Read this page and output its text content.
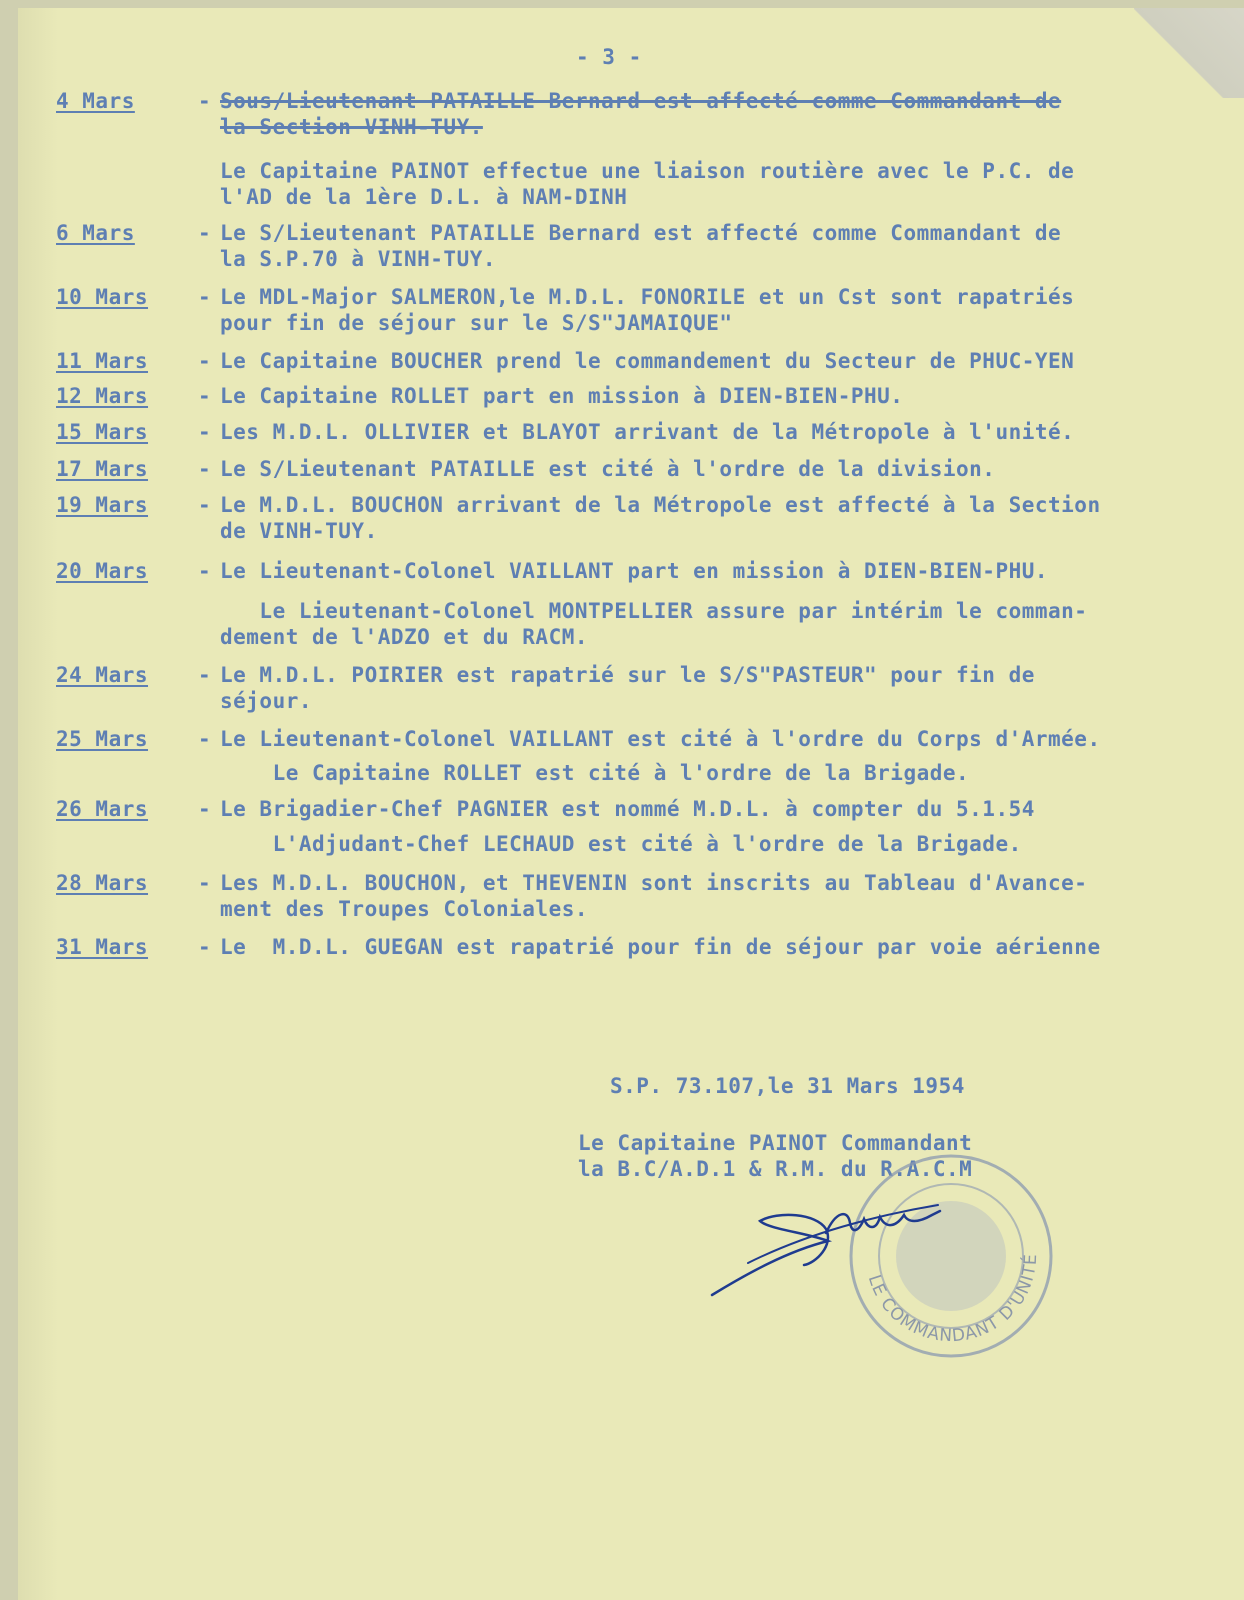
- 3 -
4 Mars	- Sous/Lieutenant PATAILLE Bernard est affecté comme Commandant de
la Section VINH-TUY.
Le Capitaine PAINOT effectue une liaison routière avec le P.C. de
l'AD de la 1ère D.L. à NAM-DINH
6 Mars	- Le S/Lieutenant PATAILLE Bernard est affecté comme Commandant de
la S.P.70 à VINH-TUY.
10 Mars - Le MDL-Major SALMERON,le M.D.L. FONORILE et un Cst sont rapatriés
pour fin de séjour sur le S/S"JAMAIQUE"
11 Mars - Le Capitaine BOUCHER prend le commandement du Secteur de PHUC-YEN
12 Mars - Le Capitaine ROLLET part en mission à DIEN-BIEN-PHU.
15 Mars - Les M.D.L. OLLIVIER et BLAYOT arrivant de la Métropole à l'unité.
17 Mars - Le S/Lieutenant PATAILLE est cité à l'ordre de la division.
19 Mars - Le M.D.L. BOUCHON arrivant de la Métropole est affecté à la Section
de VINH-TUY.
20 Mars - Le Lieutenant-Colonel VAILLANT part en mission à DIEN-BIEN-PHU.
Le Lieutenant-Colonel MONTPELLIER assure par intérim le comman-
dement de l'ADZO et du RACM.
24 Mars - Le M.D.L. POIRIER est rapatrié sur le S/S"PASTEUR" pour fin de
séjour.
25 Mars - Le Lieutenant-Colonel VAILLANT est cité à l'ordre du Corps d'Armée.
Le Capitaine ROLLET est cité à l'ordre de la Brigade.
26 Mars - Le Brigadier-Chef PAGNIER est nommé M.D.L. à compter du 5.1.54
L'Adjudant-Chef LECHAUD est cité à l'ordre de la Brigade.
28 Mars - Les M.D.L. BOUCHON, et THEVENIN sont inscrits au Tableau d'Avance-
ment des Troupes Coloniales.
31 Mars - Le  M.D.L. GUEGAN est rapatrié pour fin de séjour par voie aérienne
S.P. 73.107,le 31 Mars 1954
Le Capitaine PAINOT Commandant
la B.C/A.D.1 & R.M. du R.A.C.M
LE COMMANDANT D'UNITÉ
